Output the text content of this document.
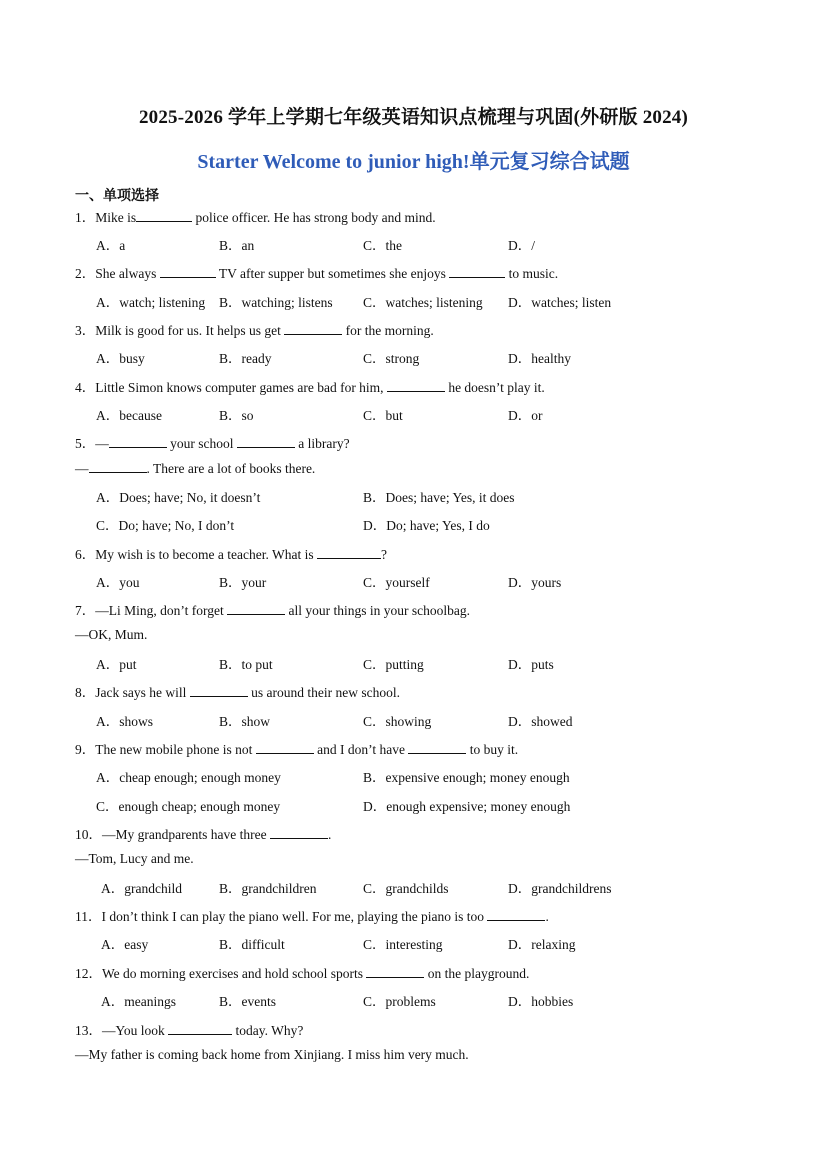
2025-2026 学年上学期七年级英语知识点梳理与巩固(外研版 2024)
Starter Welcome to junior high!单元复习综合试题
一、单项选择
1．Mike is	police officer. He has strong body and mind.
A．a	B．an	C．the	D．/
2．She always	TV after supper but sometimes she enjoys	to music.
A．watch; listening B．watching; listens C．watches; listening D．watches; listen
3．Milk is good for us. It helps us get	for the morning.
A．busy	B．ready	C．strong	D．healthy
4．Little Simon knows computer games are bad for him,	he doesn’t play it.
A．because	B．so	C．but	D．or
5．—	your school	a library?
—	. There are a lot of books there.
A．Does; have; No, it doesn’t	B．Does; have; Yes, it does
C．Do; have; No, I don’t	D．Do; have; Yes, I do
6．My wish is to become a teacher. What is	?
A．you	B．your	C．yourself	D．yours
7．—Li Ming, don’t forget	all your things in your schoolbag.
—OK, Mum.
A．put	B．to put	C．putting	D．puts
8．Jack says he will	us around their new school.
A．shows	B．show	C．showing	D．showed
9．The new mobile phone is not	and I don’t have	to buy it.
A．cheap enough; enough money	B．expensive enough; money enough
C．enough cheap; enough money	D．enough expensive; money enough
10．—My grandparents have three	.
—Tom, Lucy and me.
A．grandchild	B．grandchildren	C．grandchilds	D．grandchildrens
11．I don’t think I can play the piano well. For me, playing the piano is too	.
A．easy	B．difficult	C．interesting	D．relaxing
12．We do morning exercises and hold school sports	on the playground.
A．meanings	B．events	C．problems	D．hobbies
13．—You look	today. Why?
—My father is coming back home from Xinjiang. I miss him very much.
